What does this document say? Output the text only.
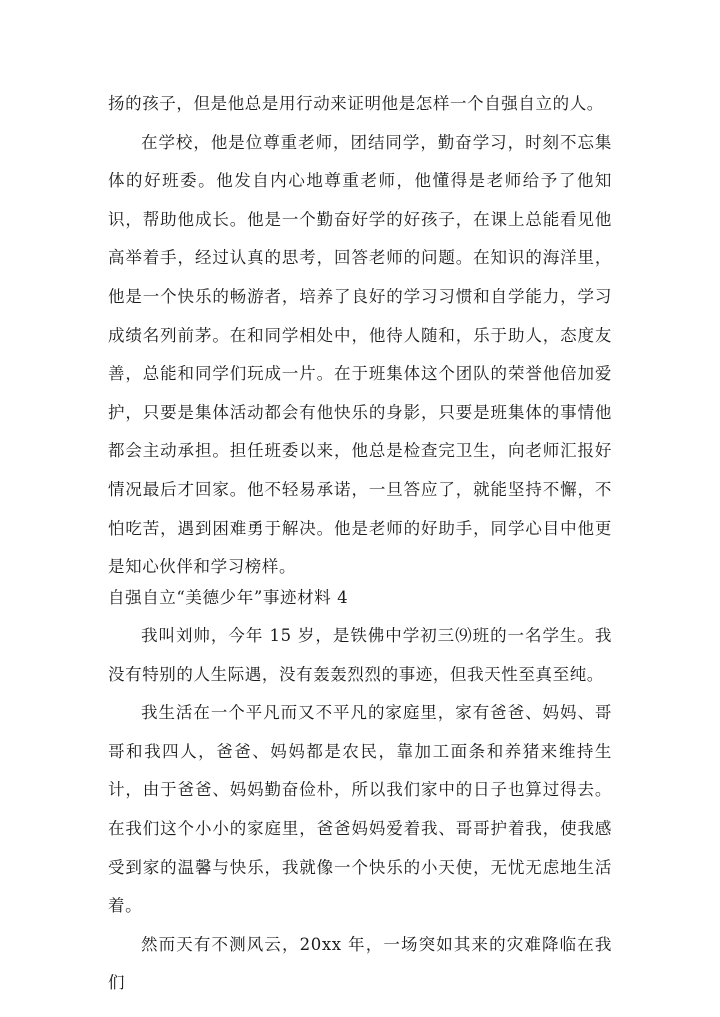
扬的孩子，但是他总是用行动来证明他是怎样一个自强自立的人。

在学校，他是位尊重老师，团结同学，勤奋学习，时刻不忘集体的好班委。他发自内心地尊重老师，他懂得是老师给予了他知识，帮助他成长。他是一个勤奋好学的好孩子，在课上总能看见他高举着手，经过认真的思考，回答老师的问题。在知识的海洋里，他是一个快乐的畅游者，培养了良好的学习习惯和自学能力，学习成绩名列前茅。在和同学相处中，他待人随和，乐于助人，态度友善，总能和同学们玩成一片。在于班集体这个团队的荣誉他倍加爱护，只要是集体活动都会有他快乐的身影，只要是班集体的事情他都会主动承担。担任班委以来，他总是检查完卫生，向老师汇报好情况最后才回家。他不轻易承诺，一旦答应了，就能坚持不懈，不怕吃苦，遇到困难勇于解决。他是老师的好助手，同学心目中他更是知心伙伴和学习榜样。

自强自立“美德少年”事迹材料 4

我叫刘帅，今年 15 岁，是铁佛中学初三⑼班的一名学生。我没有特别的人生际遇，没有轰轰烈烈的事迹，但我天性至真至纯。

我生活在一个平凡而又不平凡的家庭里，家有爸爸、妈妈、哥哥和我四人，爸爸、妈妈都是农民，靠加工面条和养猪来维持生计，由于爸爸、妈妈勤奋俭朴，所以我们家中的日子也算过得去。在我们这个小小的家庭里，爸爸妈妈爱着我、哥哥护着我，使我感受到家的温馨与快乐，我就像一个快乐的小天使，无忧无虑地生活着。

然而天有不测风云，20xx 年，一场突如其来的灾难降临在我们
